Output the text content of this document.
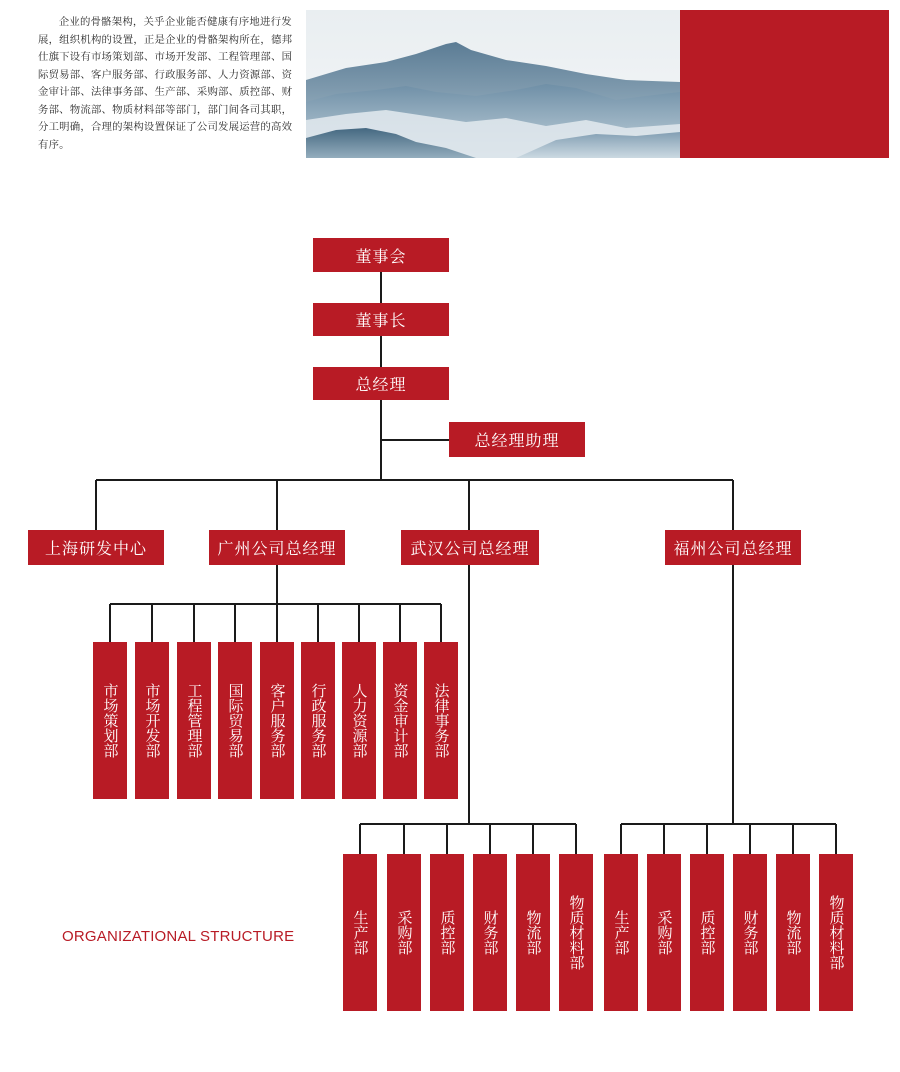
企业的骨骼架构，关乎企业能否健康有序地进行发展，组织机构的设置，正是企业的骨骼架构所在，德邦仕旗下设有市场策划部、市场开发部、工程管理部、国际贸易部、客户服务部、行政服务部、人力资源部、资金审计部、法律事务部、生产部、采购部、质控部、财务部、物流部、物质材料部等部门，部门间各司其职，分工明确，合理的架构设置保证了公司发展运营的高效有序。
董事会
董事长
总经理
总经理助理
上海研发中心	广州公司总经理	武汉公司总经理	福州公司总经理
市场策划部	市场开发部	工程管理部	国际贸易部	客户服务部	行政服务部	人力资源部	资金审计部	法律事务部
生产部	采购部	质控部	财务部	物流部	物质材料部	生产部	采购部	质控部	财务部	物流部	物质材料部
ORGANIZATIONAL STRUCTURE
